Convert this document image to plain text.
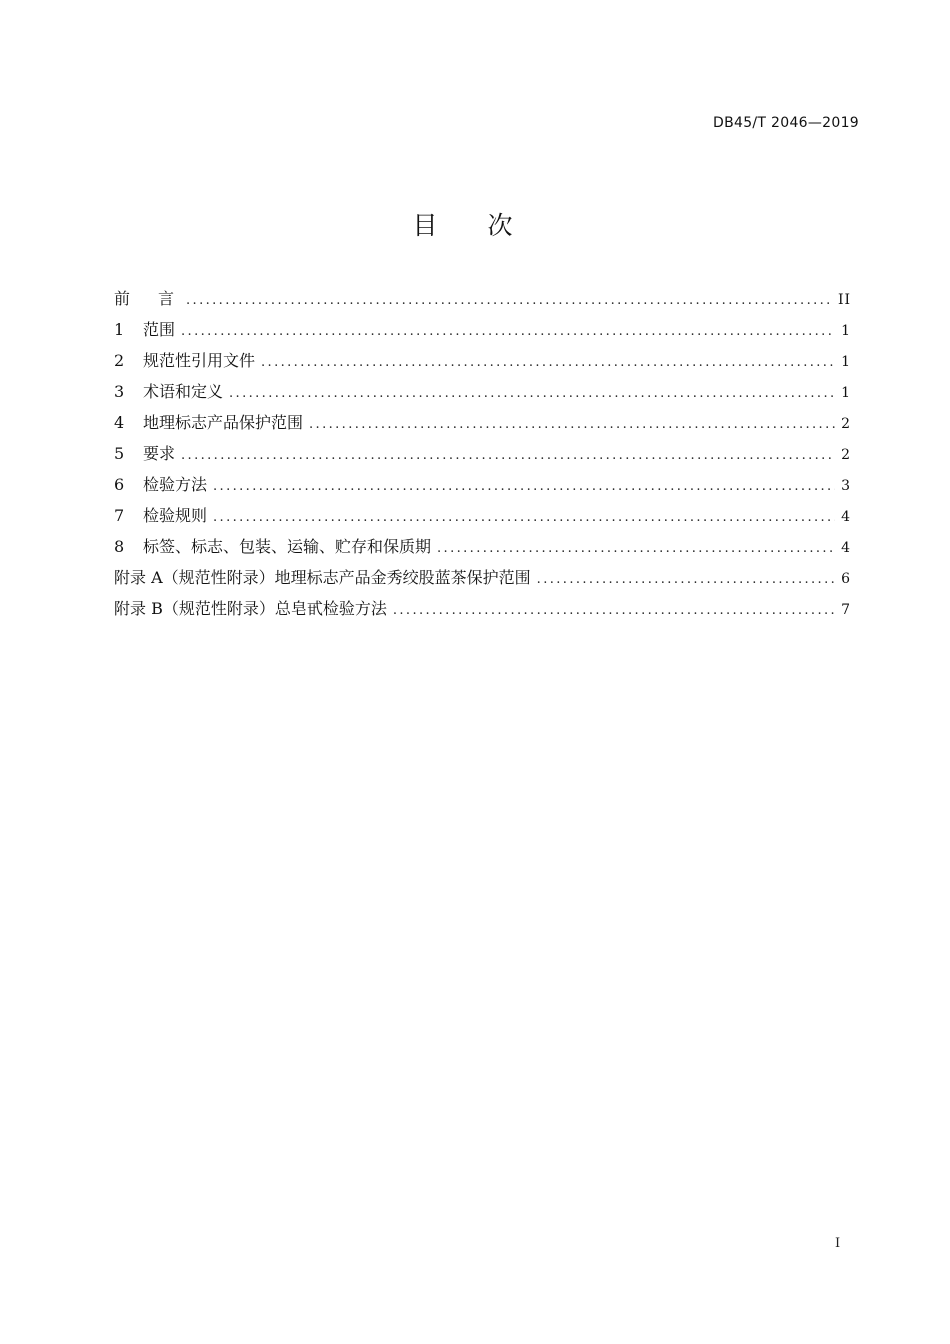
DB45/T 2046—2019
目次
前　言 .....	II
1	范围 .....	1
2	规范性引用文件 .....	1
3	术语和定义 .....	1
4	地理标志产品保护范围 .....	2
5	要求 .....	2
6	检验方法 .....	3
7	检验规则 .....	4
8	标签、标志、包装、运输、贮存和保质期 .....	4
附录 A（规范性附录）地理标志产品金秀绞股蓝茶保护范围 .....	6
附录 B（规范性附录）总皂甙检验方法 .....	7
I
